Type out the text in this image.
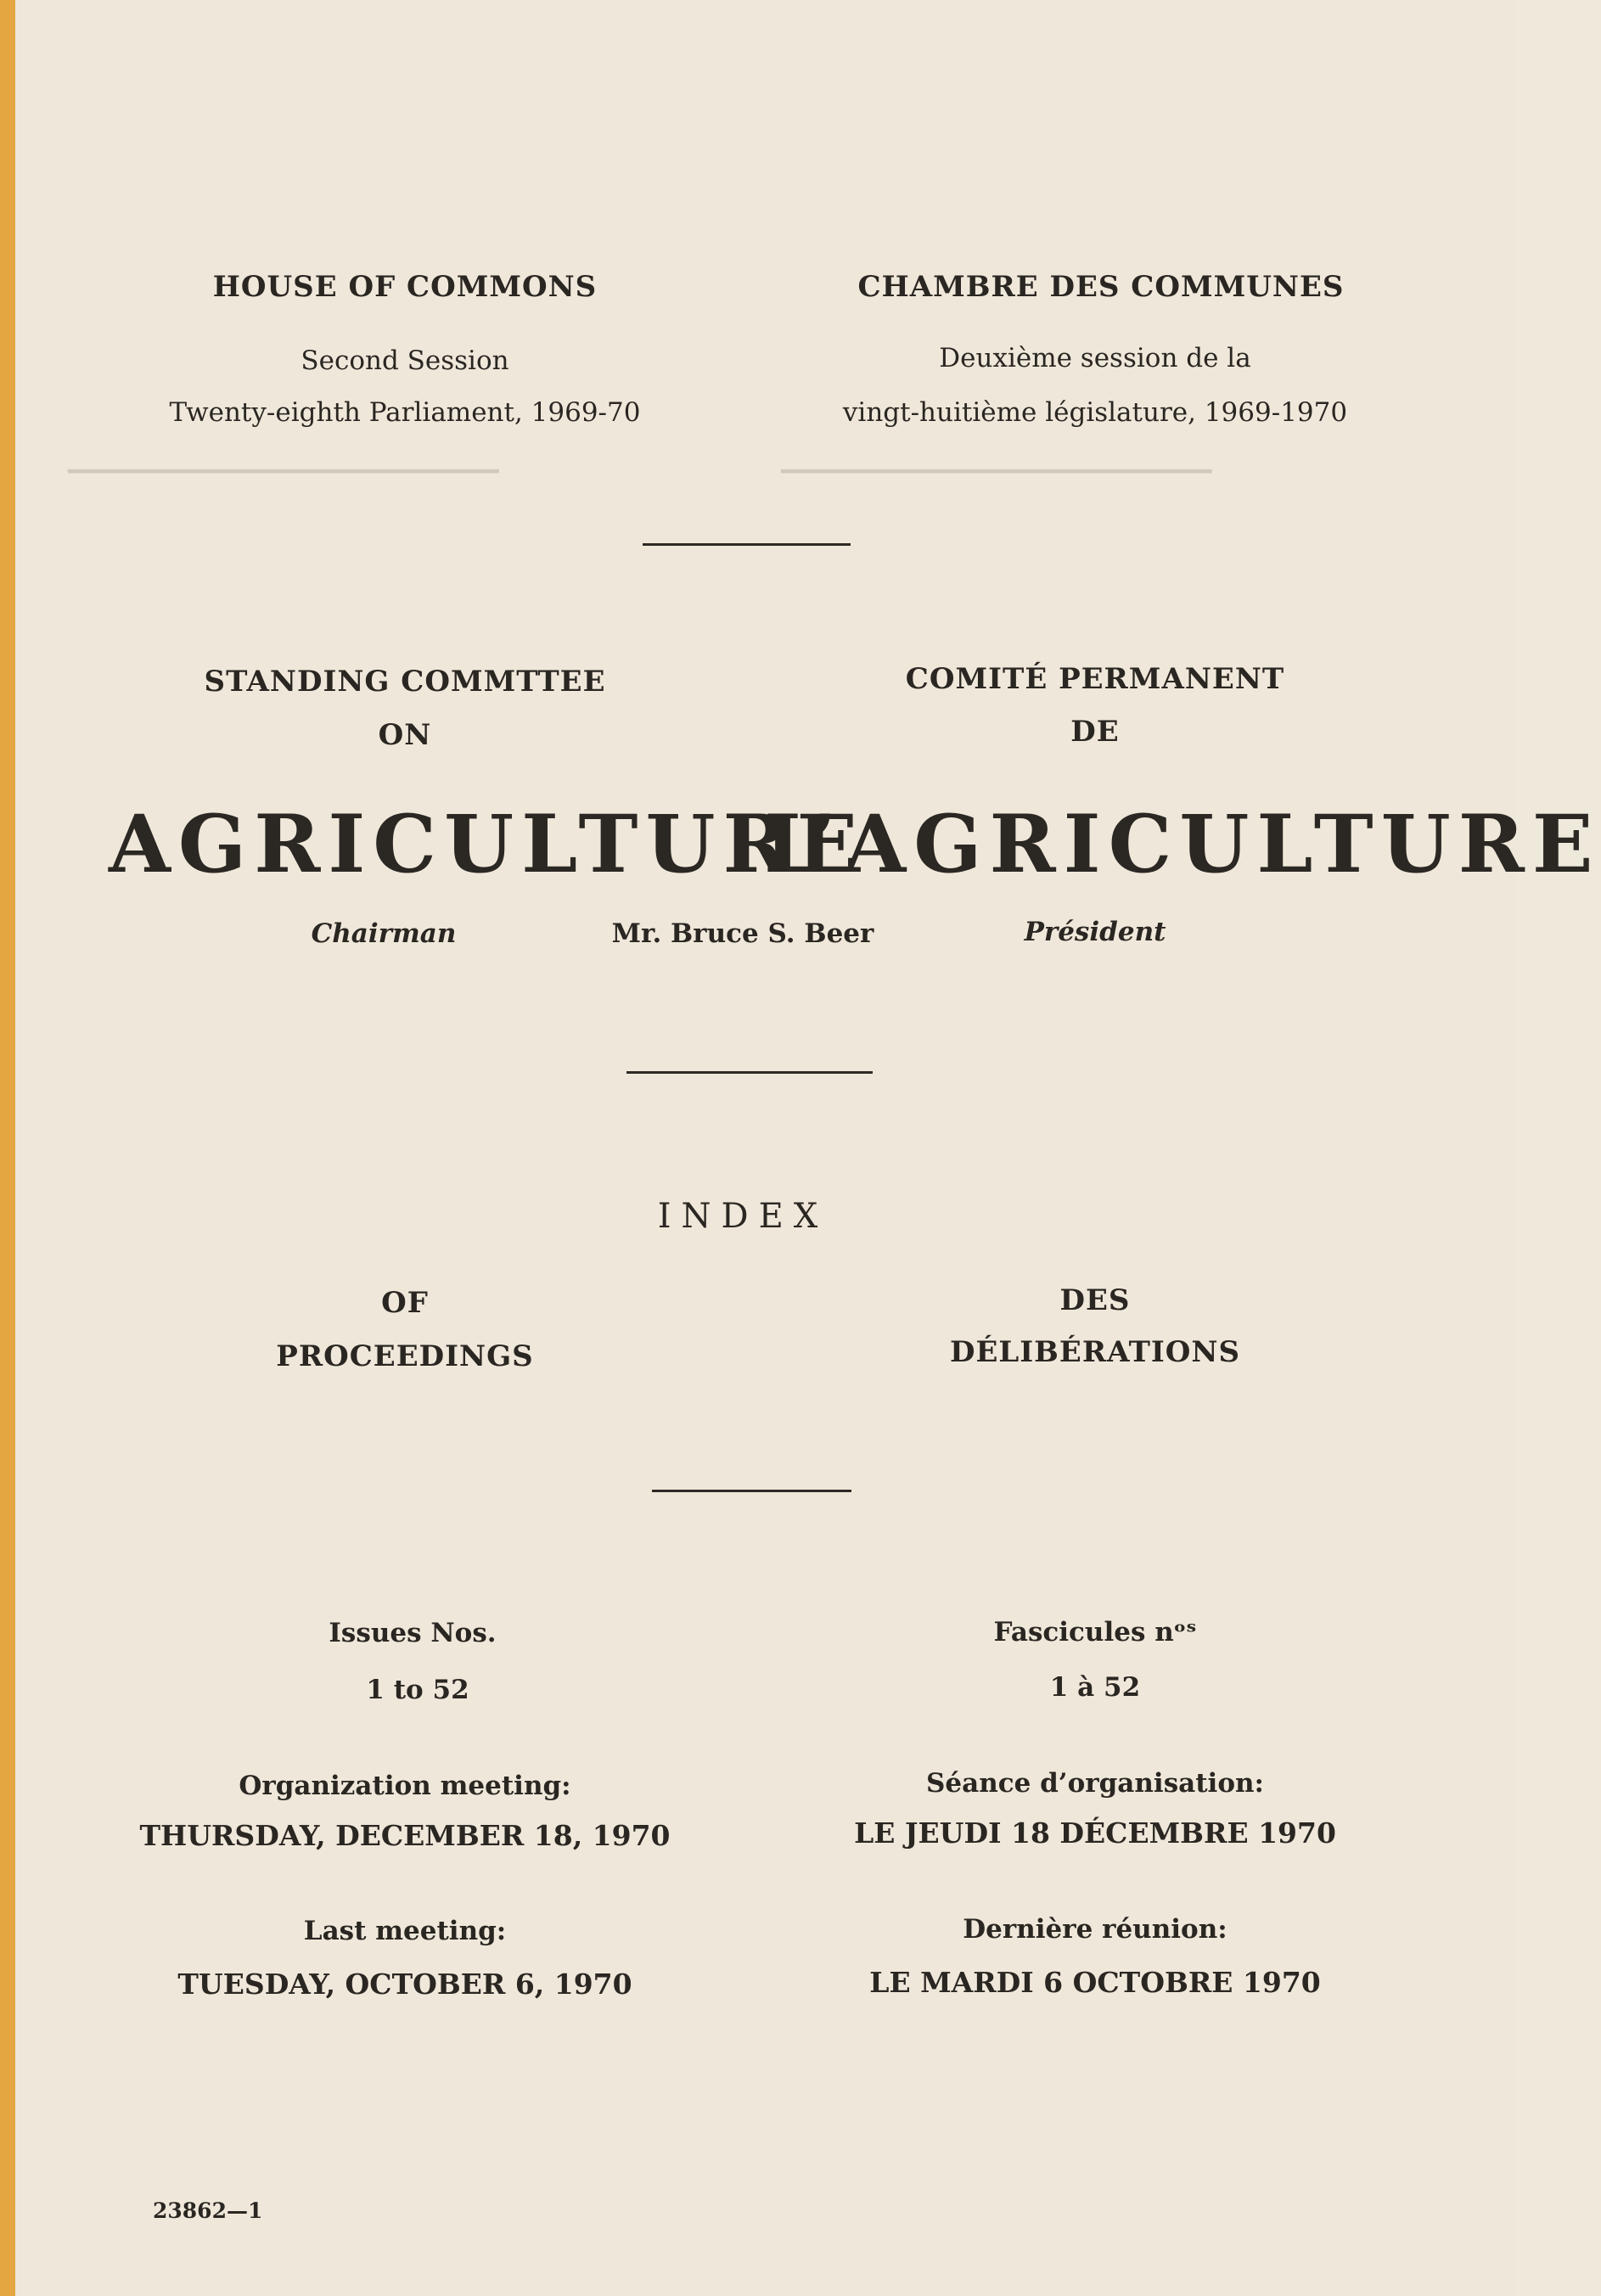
▁▁▁▁▁▁▁▁▁▁▁▁▁▁▁▁▁▁▁▁▁▁	▁▁▁▁▁▁▁▁▁▁▁▁▁▁▁▁▁▁▁▁▁▁
HOUSE OF COMMONS	CHAMBRE DES COMMUNES
Second Session	Deuxième session de la
Twenty-eighth Parliament, 1969-70	vingt-huitième législature, 1969-1970
STANDING COMMTTEE	COMITÉ PERMANENT
ON	DE
AGRICULTURE
L’AGRICULTURE
Chairman	Mr. Bruce S. Beer	Président
INDEX
OF	DES
PROCEEDINGS	DÉLIBÉRATIONS
Issues Nos.	Fascicules nᵒˢ
1 to 52	1 à 52
Organization meeting:	Séance d’organisation:
THURSDAY, DECEMBER 18, 1970	LE JEUDI 18 DÉCEMBRE 1970
Last meeting:	Dernière réunion:
TUESDAY, OCTOBER 6, 1970	LE MARDI 6 OCTOBRE 1970
23862—1
